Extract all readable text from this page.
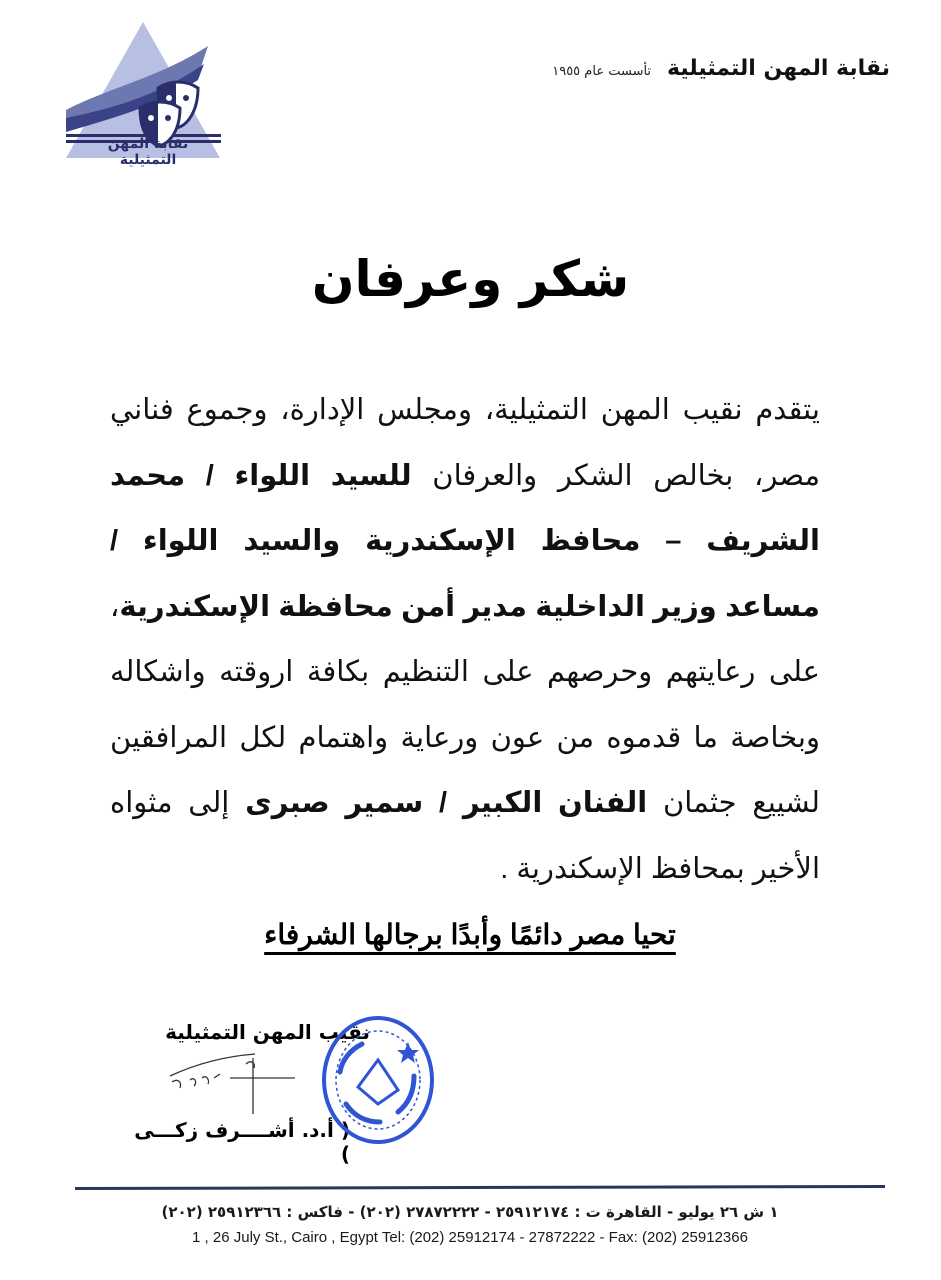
نقابة المهن التمثيلية
نقابة المهن التمثيلية
تأسست عام ١٩٥٥
شكر وعرفان
يتقدم نقيب المهن التمثيلية، ومجلس الإدارة، وجموع فناني مصر، بخالص الشكر والعرفان للسيد اللواء / محمد الشريف – محافظ الإسكندرية والسيد اللواء / مساعد وزير الداخلية مدير أمن محافظة الإسكندرية، على رعايتهم وحرصهم على التنظيم بكافة اروقته واشكاله وبخاصة ما قدموه من عون ورعاية واهتمام لكل المرافقين لشييع جثمان الفنان الكبير / سمير صبرى إلى مثواه الأخير بمحافظ الإسكندرية .
تحيا مصر دائمًا وأبدًا برجالها الشرفاء
نقيب المهن التمثيلية
( أ.د. أشــــرف زكـــى )
١ ش ٢٦ يوليو - القاهرة ت : ٢٥٩١٢١٧٤ - ٢٧٨٧٢٢٢٢ (٢٠٢) - فاكس : ٢٥٩١٢٣٦٦ (٢٠٢)
1 , 26 July St., Cairo , Egypt Tel: (202) 25912174 - 27872222 - Fax: (202) 25912366
